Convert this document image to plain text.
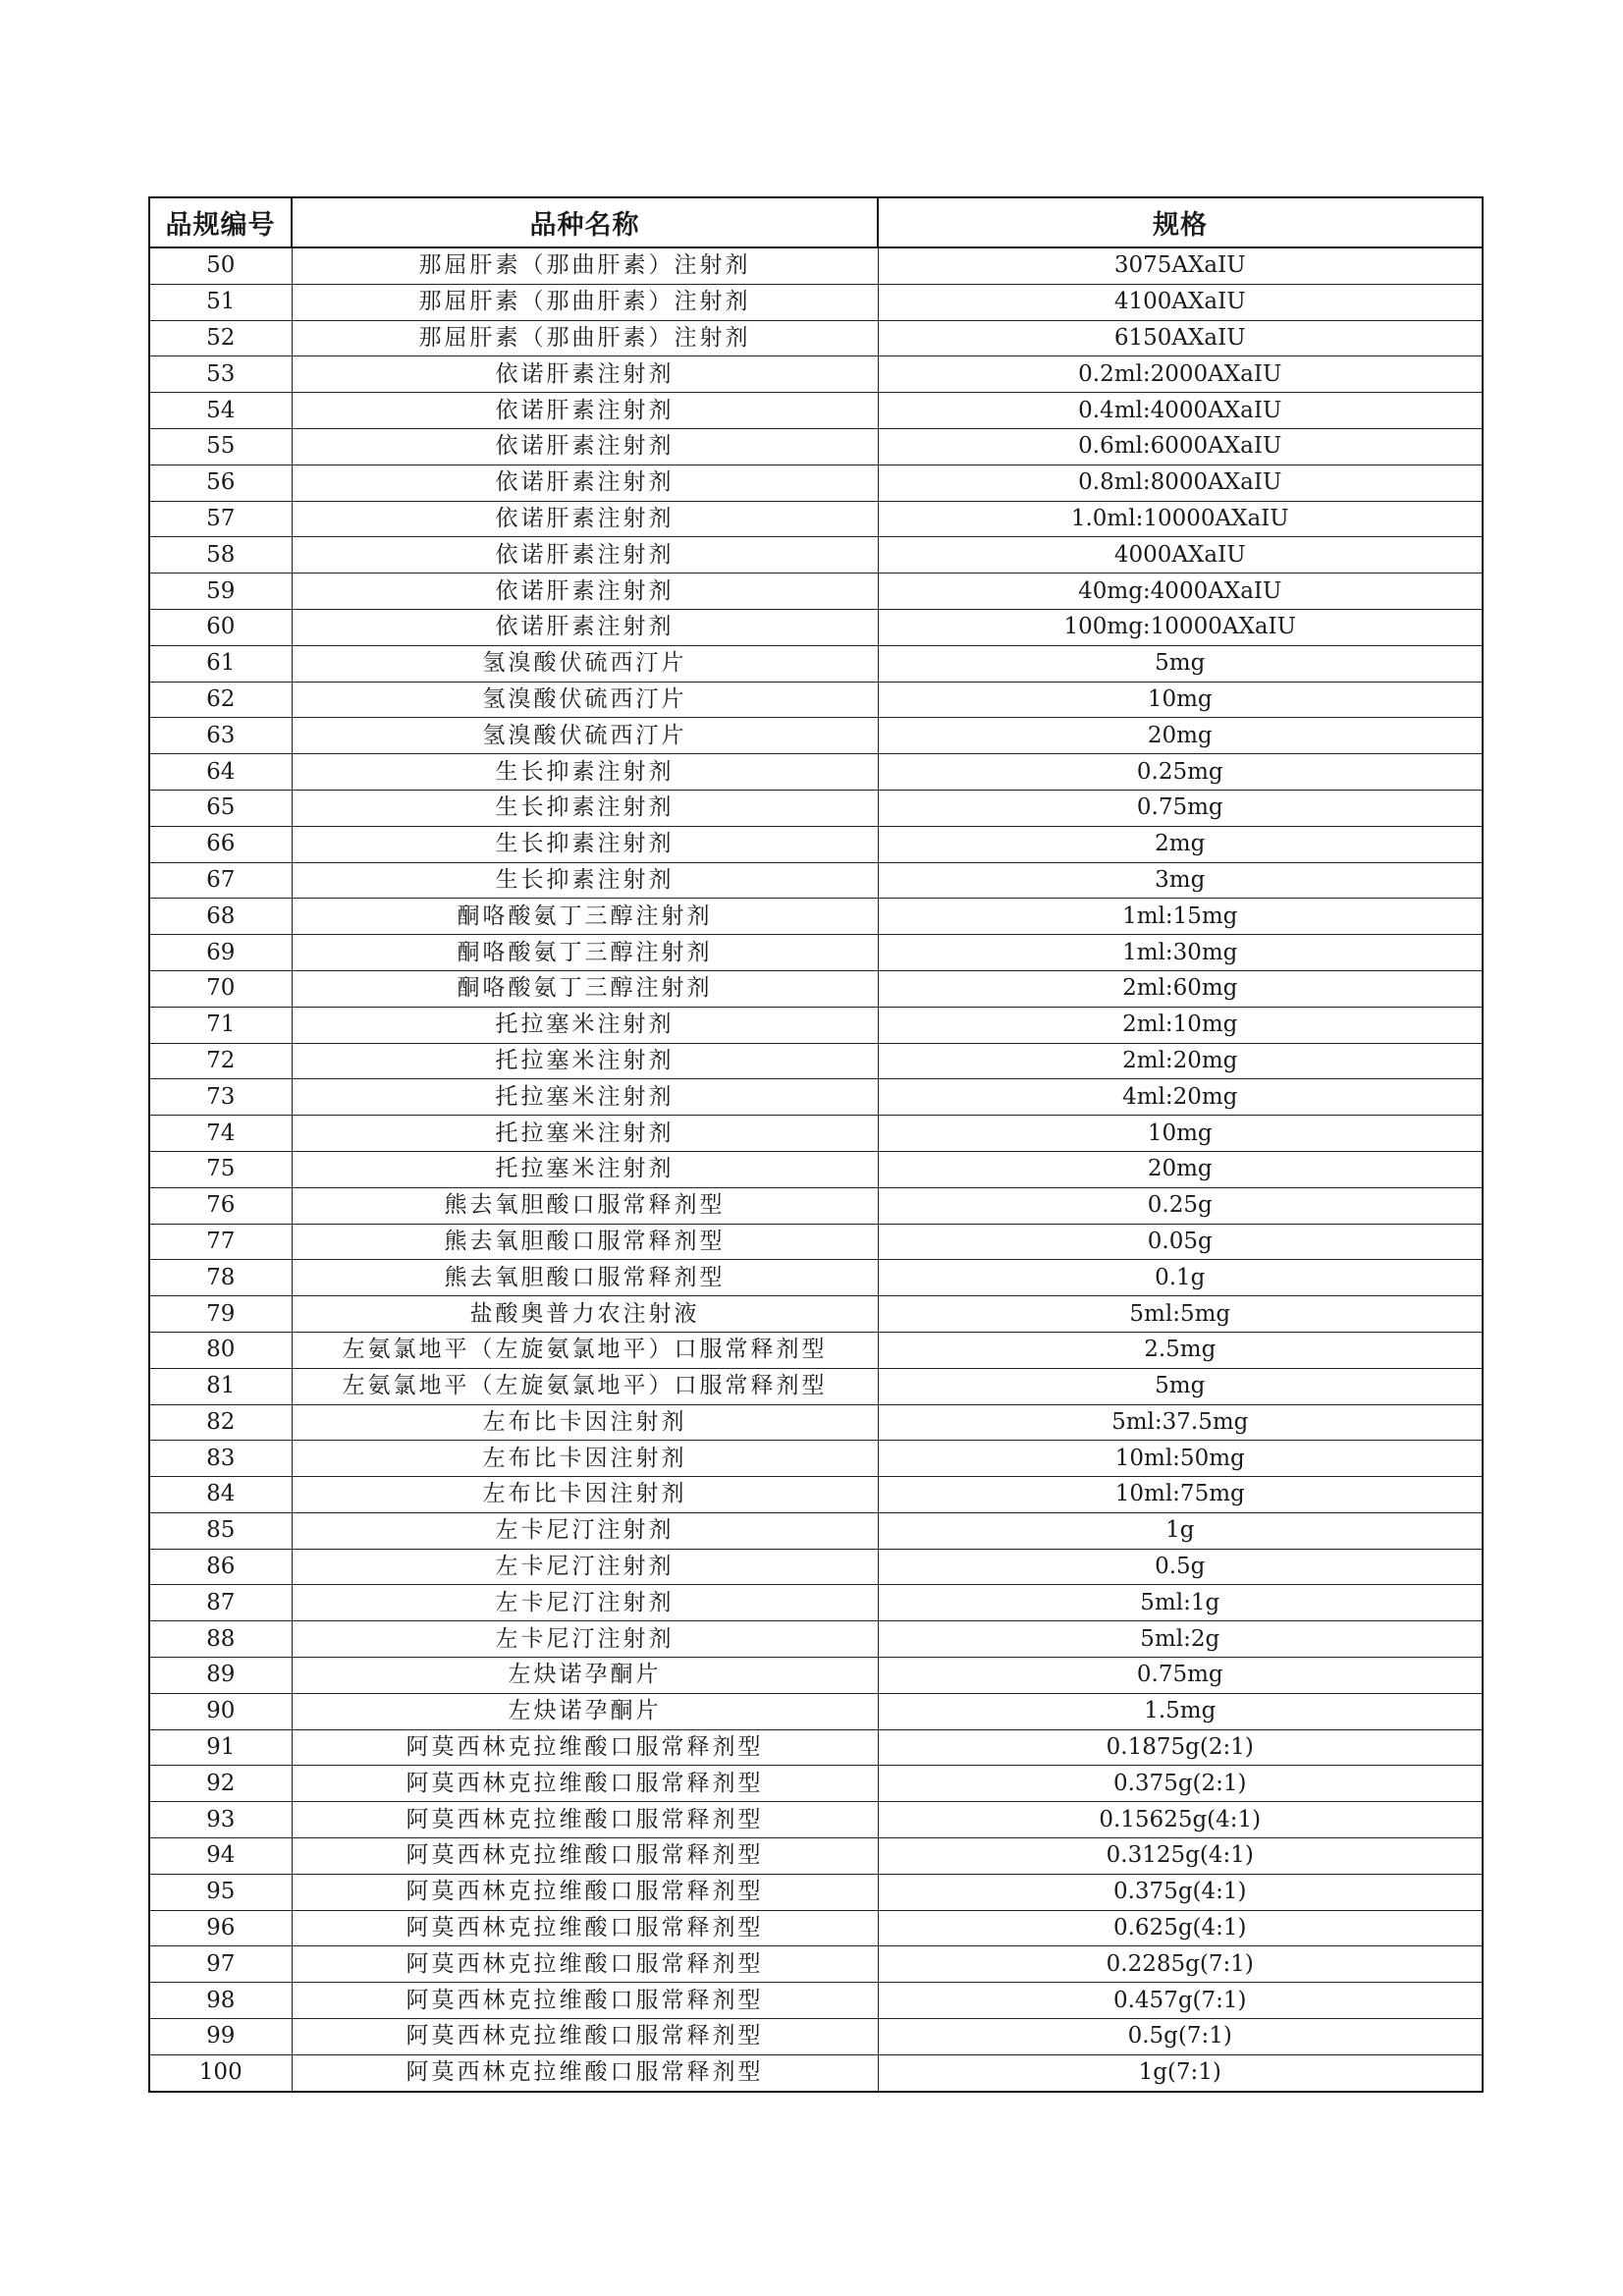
品规编号	品种名称	规格
50	那屈肝素（那曲肝素）注射剂	3075AXaIU
51	那屈肝素（那曲肝素）注射剂	4100AXaIU
52	那屈肝素（那曲肝素）注射剂	6150AXaIU
53	依诺肝素注射剂	0.2ml:2000AXaIU
54	依诺肝素注射剂	0.4ml:4000AXaIU
55	依诺肝素注射剂	0.6ml:6000AXaIU
56	依诺肝素注射剂	0.8ml:8000AXaIU
57	依诺肝素注射剂	1.0ml:10000AXaIU
58	依诺肝素注射剂	4000AXaIU
59	依诺肝素注射剂	40mg:4000AXaIU
60	依诺肝素注射剂	100mg:10000AXaIU
61	氢溴酸伏硫西汀片	5mg
62	氢溴酸伏硫西汀片	10mg
63	氢溴酸伏硫西汀片	20mg
64	生长抑素注射剂	0.25mg
65	生长抑素注射剂	0.75mg
66	生长抑素注射剂	2mg
67	生长抑素注射剂	3mg
68	酮咯酸氨丁三醇注射剂	1ml:15mg
69	酮咯酸氨丁三醇注射剂	1ml:30mg
70	酮咯酸氨丁三醇注射剂	2ml:60mg
71	托拉塞米注射剂	2ml:10mg
72	托拉塞米注射剂	2ml:20mg
73	托拉塞米注射剂	4ml:20mg
74	托拉塞米注射剂	10mg
75	托拉塞米注射剂	20mg
76	熊去氧胆酸口服常释剂型	0.25g
77	熊去氧胆酸口服常释剂型	0.05g
78	熊去氧胆酸口服常释剂型	0.1g
79	盐酸奥普力农注射液	5ml:5mg
80	左氨氯地平（左旋氨氯地平）口服常释剂型	2.5mg
81	左氨氯地平（左旋氨氯地平）口服常释剂型	5mg
82	左布比卡因注射剂	5ml:37.5mg
83	左布比卡因注射剂	10ml:50mg
84	左布比卡因注射剂	10ml:75mg
85	左卡尼汀注射剂	1g
86	左卡尼汀注射剂	0.5g
87	左卡尼汀注射剂	5ml:1g
88	左卡尼汀注射剂	5ml:2g
89	左炔诺孕酮片	0.75mg
90	左炔诺孕酮片	1.5mg
91	阿莫西林克拉维酸口服常释剂型	0.1875g(2:1)
92	阿莫西林克拉维酸口服常释剂型	0.375g(2:1)
93	阿莫西林克拉维酸口服常释剂型	0.15625g(4:1)
94	阿莫西林克拉维酸口服常释剂型	0.3125g(4:1)
95	阿莫西林克拉维酸口服常释剂型	0.375g(4:1)
96	阿莫西林克拉维酸口服常释剂型	0.625g(4:1)
97	阿莫西林克拉维酸口服常释剂型	0.2285g(7:1)
98	阿莫西林克拉维酸口服常释剂型	0.457g(7:1)
99	阿莫西林克拉维酸口服常释剂型	0.5g(7:1)
100	阿莫西林克拉维酸口服常释剂型	1g(7:1)
